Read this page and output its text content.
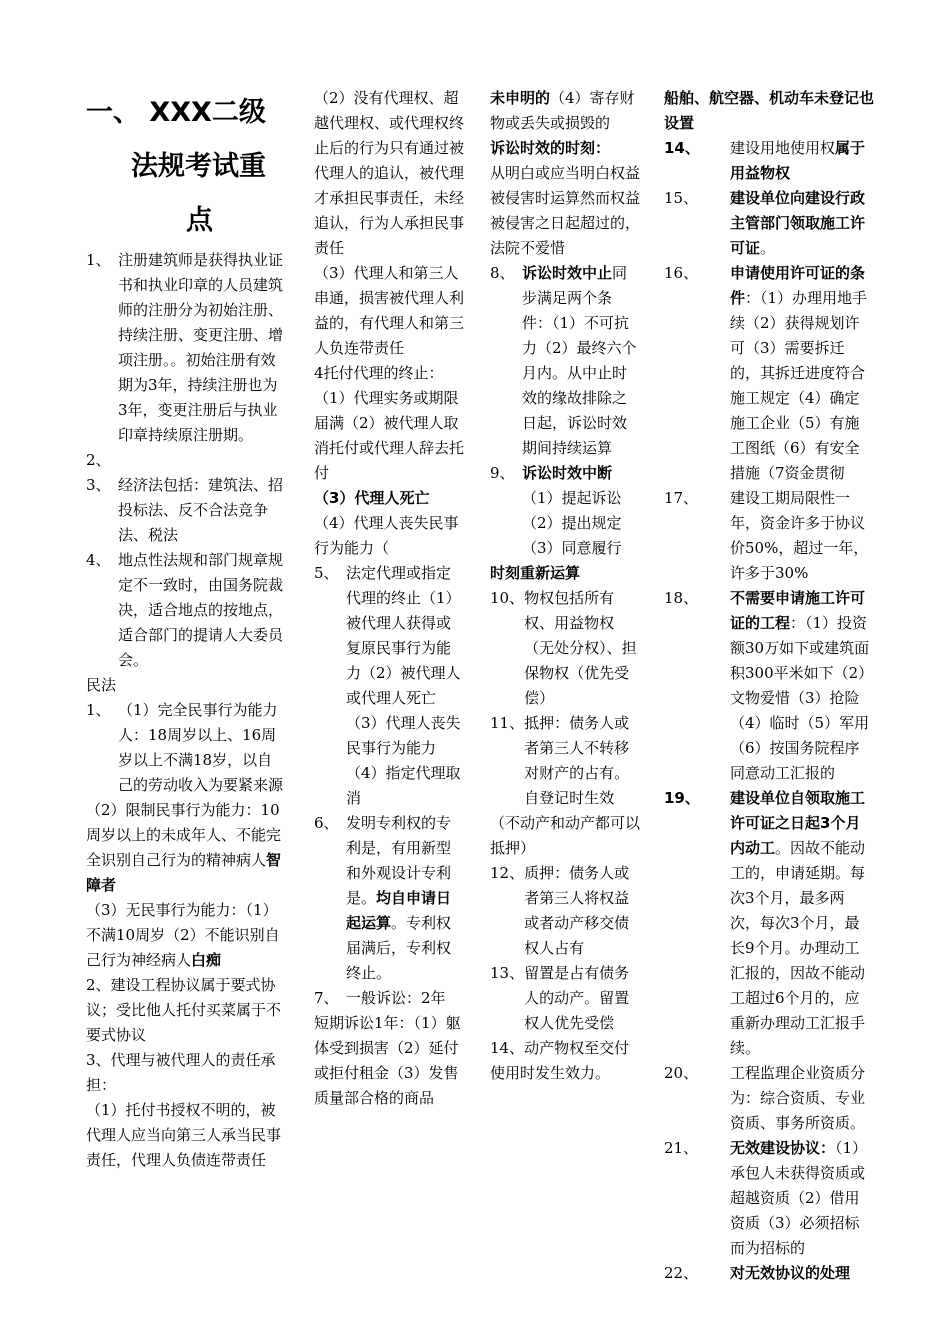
一、 XXX二级
法规考试重
点
1、 注册建筑师是获得执业证书和执业印章的人员建筑师的注册分为初始注册、持续注册、变更注册、增项注册。。初始注册有效期为3年，持续注册也为3年，变更注册后与执业印章持续原注册期。
2、
3、 经济法包括：建筑法、招投标法、反不合法竞争法、税法
4、 地点性法规和部门规章规定不一致时，由国务院裁决，适合地点的按地点，适合部门的提请人大委员会。

民法

1、 （1）完全民事行为能力人：18周岁以上、16周岁以上不满18岁，以自己的劳动收入为要紧来源

（2）限制民事行为能力：10周岁以上的未成年人、不能完全识别自己行为的精神病人智障者

（3）无民事行为能力：（1）不满10周岁（2）不能识别自己行为神经病人白痴

2、建设工程协议属于要式协议；受比他人托付买菜属于不要式协议

3、代理与被代理人的责任承担：

（1）托付书授权不明的，被代理人应当向第三人承当民事责任，代理人负债连带责任

（2）没有代理权、超越代理权、或代理权终止后的行为只有通过被代理人的追认，被代理才承担民事责任，未经追认，行为人承担民事责任

（3）代理人和第三人串通，损害被代理人利益的，有代理人和第三人负连带责任

4托付代理的终止：（1）代理实务或期限届满（2）被代理人取消托付或代理人辞去托付

（3）代理人死亡

（4）代理人丧失民事行为能力（

5、 法定代理或指定代理的终止（1）被代理人获得或复原民事行为能力（2）被代理人或代理人死亡（3）代理人丧失民事行为能力（4）指定代理取消
6、 发明专利权的专利是，有用新型和外观设计专利是。均自申请日起运算。专利权届满后，专利权终止。
7、 一般诉讼：2年

短期诉讼1年：（1）躯体受到损害（2）延付或拒付租金（3）发售质量部合格的商品

未申明的（4）寄存财物或丢失或损毁的

诉讼时效的时刻：

从明白或应当明白权益被侵害时运算然而权益被侵害之日起超过的，法院不爱惜

8、 诉讼时效中止同步满足两个条件：（1）不可抗力（2）最终六个月内。从中止时效的缘故排除之日起，诉讼时效期间持续运算
9、 诉讼时效中断（1）提起诉讼（2）提出规定（3）同意履行

时刻重新运算

10、 物权包括所有权、用益物权（无处分权）、担保物权（优先受偿）
11、 抵押：债务人或者第三人不转移对财产的占有。自登记时生效

（不动产和动产都可以抵押）

12、 质押：债务人或者第三人将权益或者动产移交债权人占有
13、 留置是占有债务人的动产。留置权人优先受偿

14、动产物权至交付使用时发生效力。

船舶、航空器、机动车未登记也设置

14、	建设用地使用权属于用益物权
15、	建设单位向建设行政主管部门领取施工许可证。
16、	申请使用许可证的条件：（1）办理用地手续（2）获得规划许可（3）需要拆迁的，其拆迁进度符合施工规定（4）确定施工企业（5）有施工图纸（6）有安全措施（7资金贯彻
17、	建设工期局限性一年，资金许多于协议价50%，超过一年，许多于30%
18、	不需要申请施工许可证的工程：（1）投资额30万如下或建筑面积300平米如下（2）文物爱惜（3）抢险（4）临时（5）军用（6）按国务院程序同意动工汇报的
19、	建设单位自领取施工许可证之日起3个月内动工。因故不能动工的，申请延期。每次3个月，最多两次，每次3个月，最长9个月。办理动工汇报的，因故不能动工超过6个月的，应重新办理动工汇报手续。
20、	工程监理企业资质分为：综合资质、专业资质、事务所资质。
21、	无效建设协议：（1）承包人未获得资质或超越资质（2）借用资质（3）必须招标而为招标的
22、	对无效协议的处理
